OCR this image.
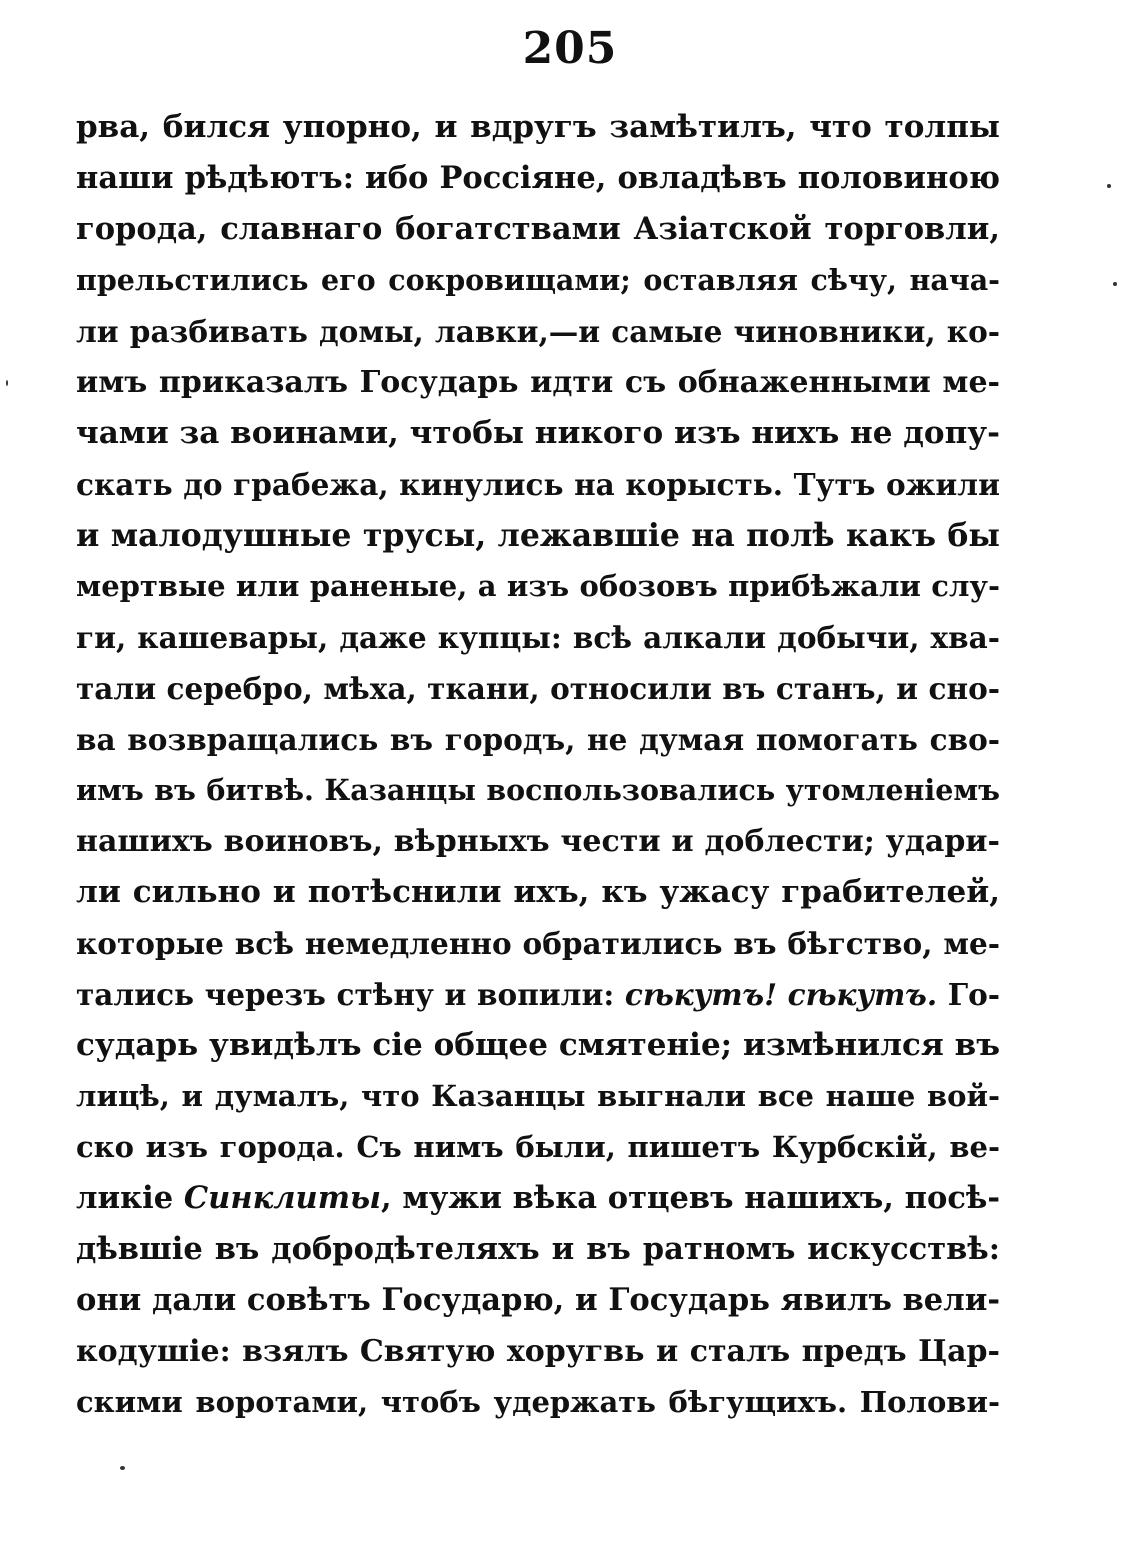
205
рва, бился упорно, и вдругъ замѣтилъ, что толпы
наши рѣдѣютъ: ибо Россіяне, овладѣвъ половиною
города, славнаго богатствами Азіатской торговли,
прельстились его сокровищами; оставляя сѣчу, нача-
ли разбивать домы, лавки,—и самые чиновники, ко-
имъ приказалъ Государь идти съ обнаженными ме-
чами за воинами, чтобы никого изъ нихъ не допу-
скать до грабежа, кинулись на корысть. Тутъ ожили
и малодушные трусы, лежавшіе на полѣ какъ бы
мертвые или раненые, а изъ обозовъ прибѣжали слу-
ги, кашевары, даже купцы: всѣ алкали добычи, хва-
тали серебро, мѣха, ткани, относили въ станъ, и сно-
ва возвращались въ городъ, не думая помогать сво-
имъ въ битвѣ. Казанцы воспользовались утомленіемъ
нашихъ воиновъ, вѣрныхъ чести и доблести; удари-
ли сильно и потѣснили ихъ, къ ужасу грабителей,
которые всѣ немедленно обратились въ бѣгство, ме-
тались черезъ стѣну и вопили: сѣкутъ! сѣкутъ. Го-
сударь увидѣлъ сіе общее смятеніе; измѣнился въ
лицѣ, и думалъ, что Казанцы выгнали все наше вой-
ско изъ города. Съ нимъ были, пишетъ Курбскій, ве-
ликіе Синклиты, мужи вѣка отцевъ нашихъ, посѣ-
дѣвшіе въ добродѣтеляхъ и въ ратномъ искусствѣ:
они дали совѣтъ Государю, и Государь явилъ вели-
кодушіе: взялъ Святую хоругвь и сталъ предъ Цар-
скими воротами, чтобъ удержать бѣгущихъ. Полови-
